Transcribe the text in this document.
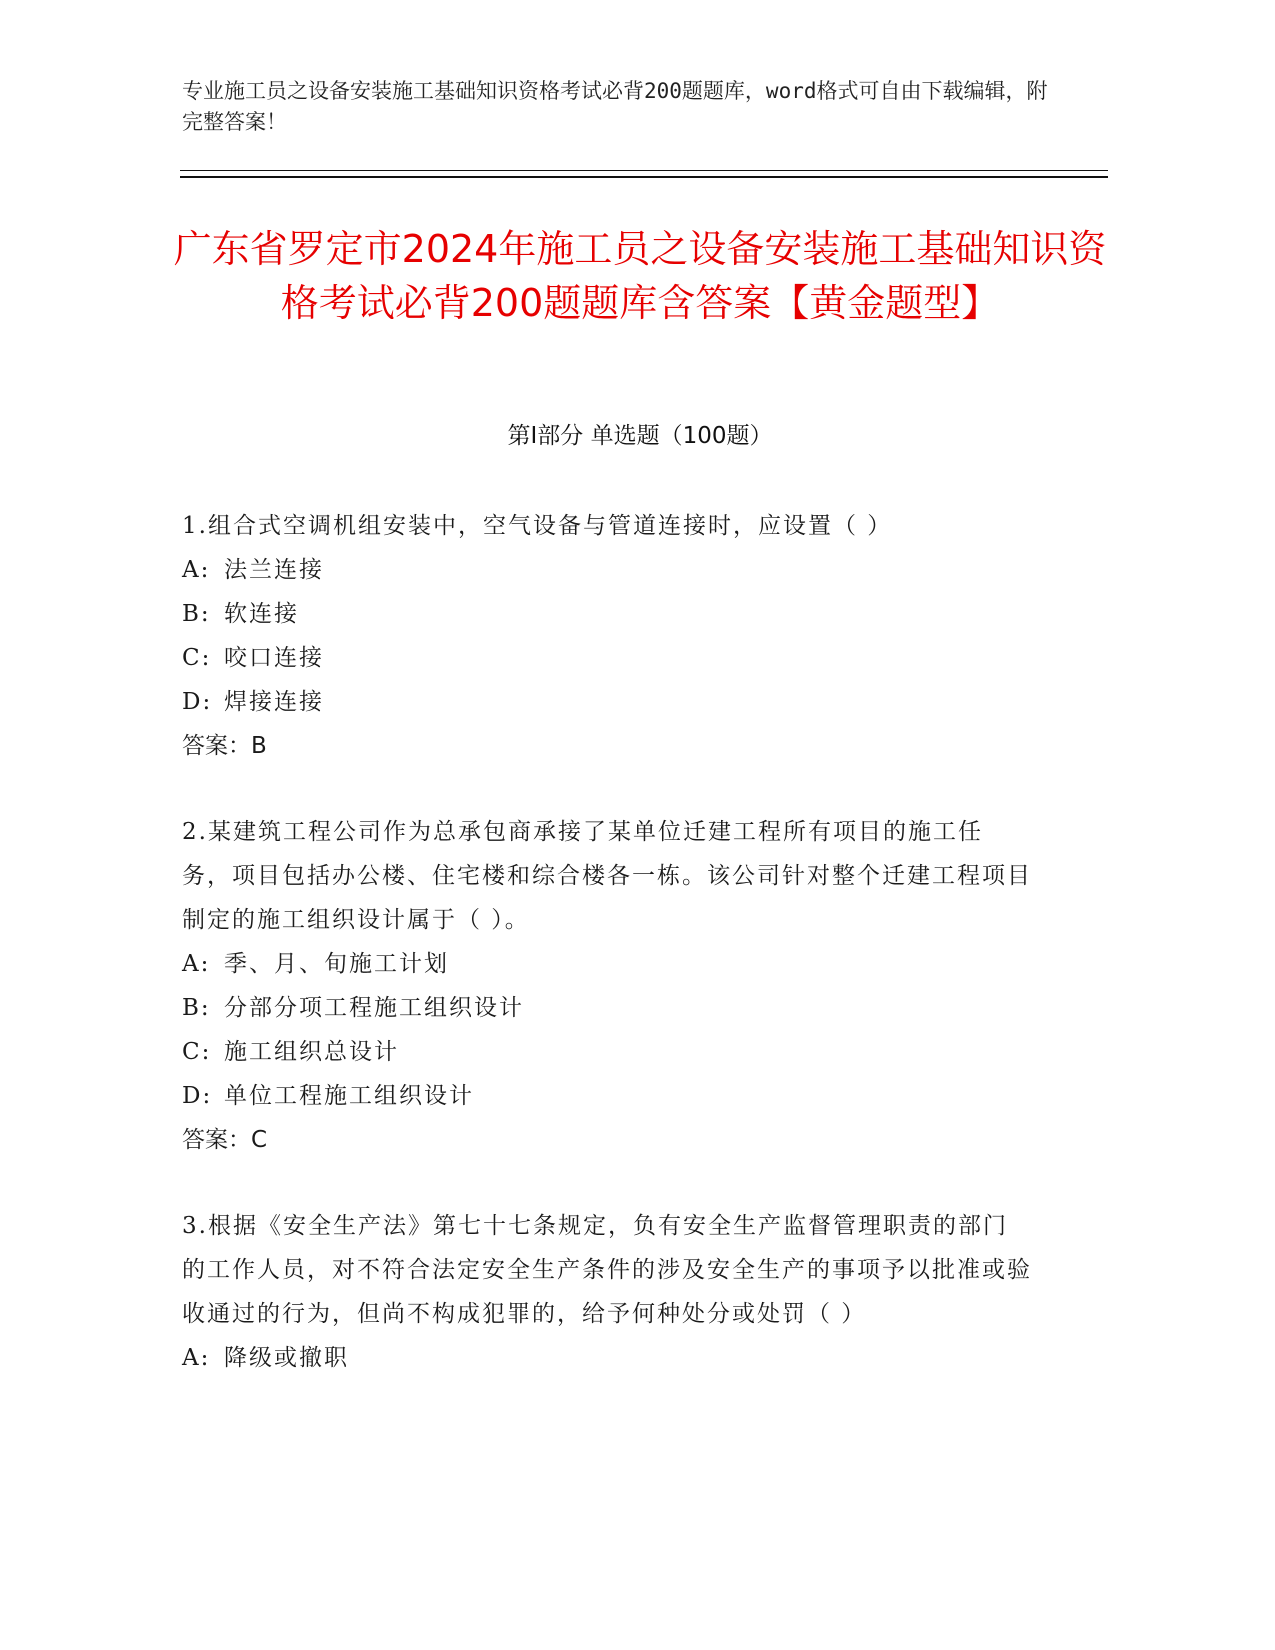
专业施工员之设备安装施工基础知识资格考试必背200题题库，word格式可自由下载编辑，附完整答案！
广东省罗定市2024年施工员之设备安装施工基础知识资格考试必背200题题库含答案【黄金题型】
第Ⅰ部分 单选题（100题）
1.组合式空调机组安装中，空气设备与管道连接时，应设置（ ）
A: 法兰连接
B: 软连接
C: 咬口连接
D: 焊接连接
答案：B
2.某建筑工程公司作为总承包商承接了某单位迁建工程所有项目的施工任务，项目包括办公楼、住宅楼和综合楼各一栋。该公司针对整个迁建工程项目制定的施工组织设计属于（ ）。
A: 季、月、旬施工计划
B: 分部分项工程施工组织设计
C: 施工组织总设计
D: 单位工程施工组织设计
答案：C
3.根据《安全生产法》第七十七条规定，负有安全生产监督管理职责的部门的工作人员，对不符合法定安全生产条件的涉及安全生产的事项予以批准或验收通过的行为，但尚不构成犯罪的，给予何种处分或处罚（ ）
A: 降级或撤职
